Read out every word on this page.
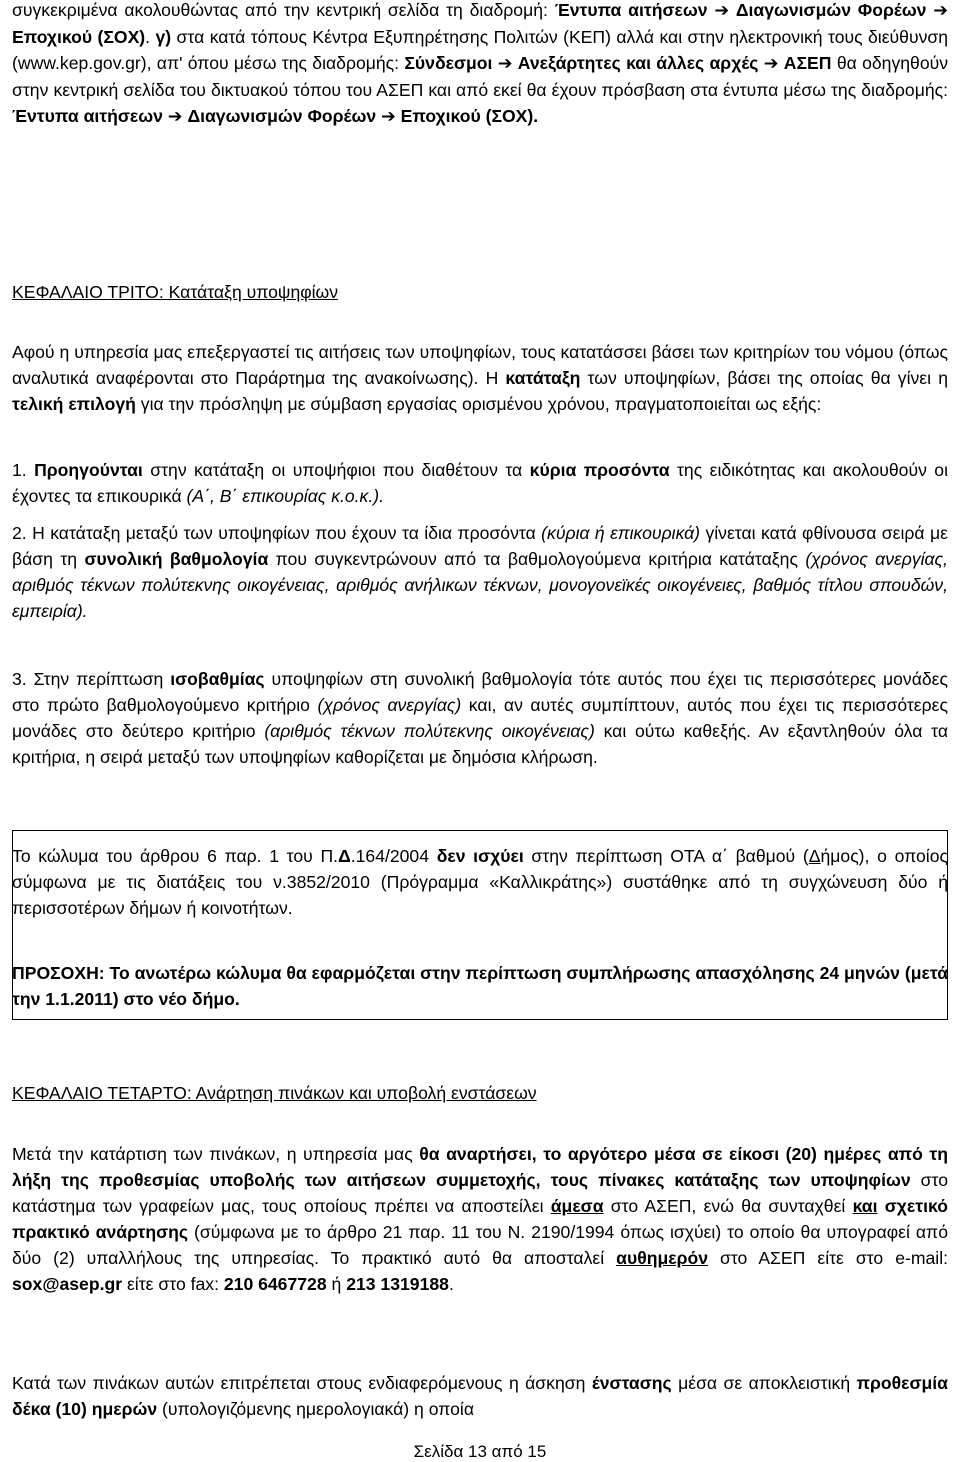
συγκεκριμένα ακολουθώντας από την κεντρική σελίδα τη διαδρομή: Έντυπα αιτήσεων ➔ Διαγωνισμών Φορέων ➔ Εποχικού (ΣΟΧ). γ) στα κατά τόπους Κέντρα Εξυπηρέτησης Πολιτών (ΚΕΠ) αλλά και στην ηλεκτρονική τους διεύθυνση (www.kep.gov.gr), απ' όπου μέσω της διαδρομής: Σύνδεσμοι ➔ Ανεξάρτητες και άλλες αρχές ➔ ΑΣΕΠ θα οδηγηθούν στην κεντρική σελίδα του δικτυακού τόπου του ΑΣΕΠ και από εκεί θα έχουν πρόσβαση στα έντυπα μέσω της διαδρομής: Έντυπα αιτήσεων ➔ Διαγωνισμών Φορέων ➔ Εποχικού (ΣΟΧ).

ΚΕΦΑΛΑΙΟ ΤΡΙΤΟ: Κατάταξη υποψηφίων

Αφού η υπηρεσία μας επεξεργαστεί τις αιτήσεις των υποψηφίων, τους κατατάσσει βάσει των κριτηρίων του νόμου (όπως αναλυτικά αναφέρονται στο Παράρτημα της ανακοίνωσης). Η κατάταξη των υποψηφίων, βάσει της οποίας θα γίνει η τελική επιλογή για την πρόσληψη με σύμβαση εργασίας ορισμένου χρόνου, πραγματοποιείται ως εξής:

1. Προηγούνται στην κατάταξη οι υποψήφιοι που διαθέτουν τα κύρια προσόντα της ειδικότητας και ακολουθούν οι έχοντες τα επικουρικά (Α΄, Β΄ επικουρίας κ.ο.κ.).

2. Η κατάταξη μεταξύ των υποψηφίων που έχουν τα ίδια προσόντα (κύρια ή επικουρικά) γίνεται κατά φθίνουσα σειρά με βάση τη συνολική βαθμολογία που συγκεντρώνουν από τα βαθμολογούμενα κριτήρια κατάταξης (χρόνος ανεργίας, αριθμός τέκνων πολύτεκνης οικογένειας, αριθμός ανήλικων τέκνων, μονογονεϊκές οικογένειες, βαθμός τίτλου σπουδών, εμπειρία).

3. Στην περίπτωση ισοβαθμίας υποψηφίων στη συνολική βαθμολογία τότε αυτός που έχει τις περισσότερες μονάδες στο πρώτο βαθμολογούμενο κριτήριο (χρόνος ανεργίας) και, αν αυτές συμπίπτουν, αυτός που έχει τις περισσότερες μονάδες στο δεύτερο κριτήριο (αριθμός τέκνων πολύτεκνης οικογένειας) και ούτω καθεξής. Αν εξαντληθούν όλα τα κριτήρια, η σειρά μεταξύ των υποψηφίων καθορίζεται με δημόσια κλήρωση.

Το κώλυμα του άρθρου 6 παρ. 1 του Π.Δ.164/2004 δεν ισχύει στην περίπτωση ΟΤΑ α΄ βαθμού (Δήμος), ο οποίος σύμφωνα με τις διατάξεις του ν.3852/2010 (Πρόγραμμα «Καλλικράτης») συστάθηκε από τη συγχώνευση δύο ή περισσοτέρων δήμων ή κοινοτήτων.

ΠΡΟΣΟΧΗ: Το ανωτέρω κώλυμα θα εφαρμόζεται στην περίπτωση συμπλήρωσης απασχόλησης 24 μηνών (μετά την 1.1.2011) στο νέο δήμο.

ΚΕΦΑΛΑΙΟ ΤΕΤΑΡΤΟ: Ανάρτηση πινάκων και υποβολή ενστάσεων

Μετά την κατάρτιση των πινάκων, η υπηρεσία μας θα αναρτήσει, το αργότερο μέσα σε είκοσι (20) ημέρες από τη λήξη της προθεσμίας υποβολής των αιτήσεων συμμετοχής, τους πίνακες κατάταξης των υποψηφίων στο κατάστημα των γραφείων μας, τους οποίους πρέπει να αποστείλει άμεσα στο ΑΣΕΠ, ενώ θα συνταχθεί και σχετικό πρακτικό ανάρτησης (σύμφωνα με το άρθρο 21 παρ. 11 του Ν. 2190/1994 όπως ισχύει) το οποίο θα υπογραφεί από δύο (2) υπαλλήλους της υπηρεσίας. Το πρακτικό αυτό θα αποσταλεί αυθημερόν στο ΑΣΕΠ είτε στο e-mail: sox@asep.gr είτε στο fax: 210 6467728 ή 213 1319188.

Κατά των πινάκων αυτών επιτρέπεται στους ενδιαφερόμενους η άσκηση ένστασης μέσα σε αποκλειστική προθεσμία δέκα (10) ημερών (υπολογιζόμενης ημερολογιακά) η οποία

Σελίδα 13 από 15
